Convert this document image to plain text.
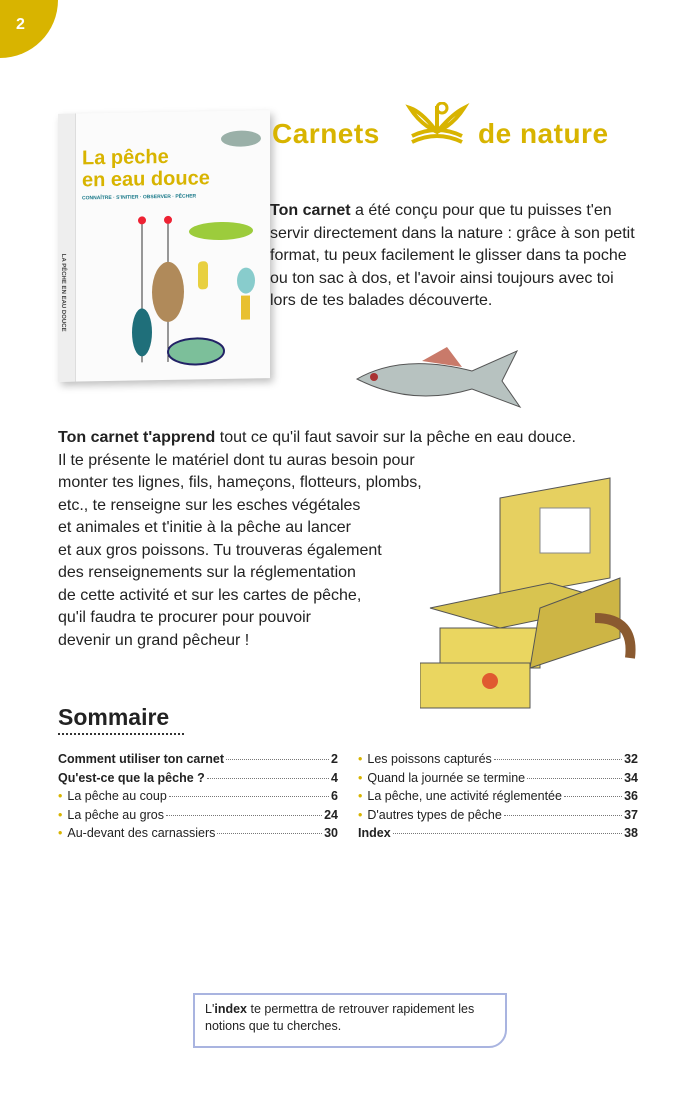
2
LA PÊCHE EN EAU DOUCE
La pêche
en eau douce
CONNAÎTRE · S'INITIER · OBSERVER · PÊCHER
Carnets	de nature
Ton carnet a été conçu pour que tu puisses t'en servir directement dans la nature : grâce à son petit format, tu peux facilement le glisser dans ta poche ou ton sac à dos, et l'avoir ainsi toujours avec toi lors de tes balades découverte.

Ton carnet t'apprend tout ce qu'il faut savoir sur la pêche en eau douce.
Il te présente le matériel dont tu auras besoin pour
monter tes lignes, fils, hameçons, flotteurs, plombs,
etc., te renseigne sur les esches végétales
et animales et t'initie à la pêche au lancer
et aux gros poissons. Tu trouveras également
des renseignements sur la réglementation
de cette activité et sur les cartes de pêche,
qu'il faudra te procurer pour pouvoir
devenir un grand pêcheur !

Sommaire
Comment utiliser ton carnet	2
Qu'est-ce que la pêche ?	4
• La pêche au coup	6
• La pêche au gros	24
• Au-devant des carnassiers	30
• Les poissons capturés	32
• Quand la journée se termine	34
• La pêche, une activité réglementée	36
• D'autres types de pêche	37
Index	38
L'index te permettra de retrouver rapidement les notions que tu cherches.
